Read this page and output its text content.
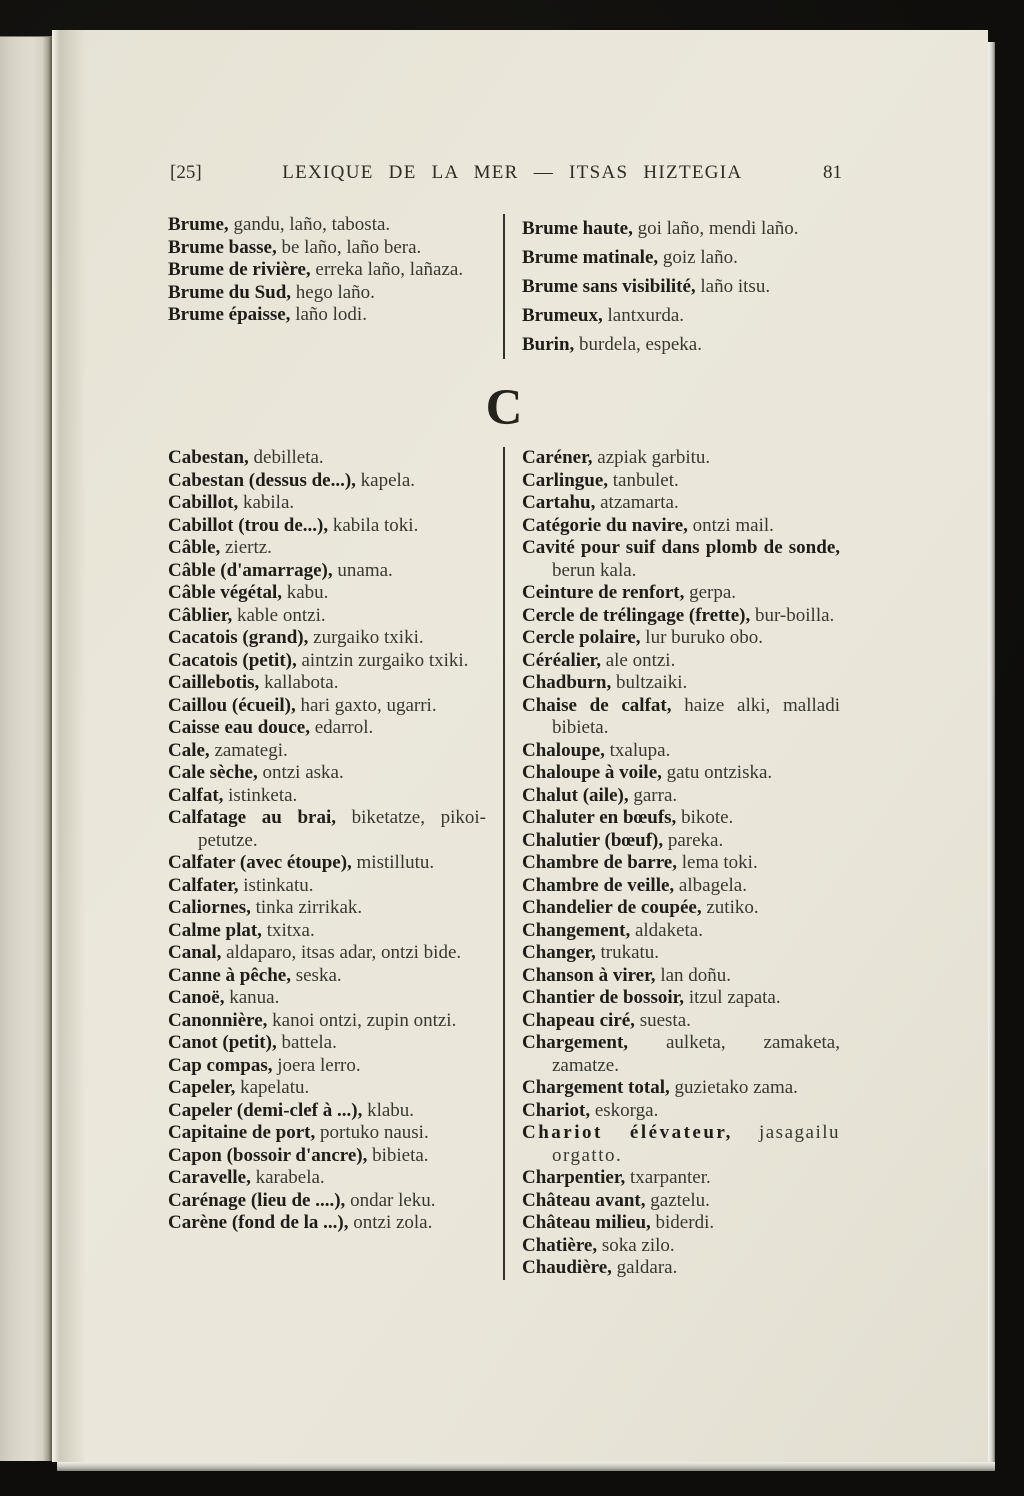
[25]	LEXIQUE DE LA MER — ITSAS HIZTEGIA	81

Brume, gandu, laño, tabosta.

Brume basse, be laño, laño bera.

Brume de rivière, erreka laño, lañaza.

Brume du Sud, hego laño.

Brume épaisse, laño lodi.

Brume haute, goi laño, mendi laño.

Brume matinale, goiz laño.

Brume sans visibilité, laño itsu.

Brumeux, lantxurda.

Burin, burdela, espeka.

C

Cabestan, debilleta.

Cabestan (dessus de...), kapela.

Cabillot, kabila.

Cabillot (trou de...), kabila toki.

Câble, ziertz.

Câble (d'amarrage), unama.

Câble végétal, kabu.

Câblier, kable ontzi.

Cacatois (grand), zurgaiko txiki.

Cacatois (petit), aintzin zurgaiko txiki.

Caillebotis, kallabota.

Caillou (écueil), hari gaxto, ugarri.

Caisse eau douce, edarrol.

Cale, zamategi.

Cale sèche, ontzi aska.

Calfat, istinketa.

Calfatage au brai, biketatze, pikoi-petutze.

Calfater (avec étoupe), mistillutu.

Calfater, istinkatu.

Caliornes, tinka zirrikak.

Calme plat, txitxa.

Canal, aldaparo, itsas adar, ontzi bide.

Canne à pêche, seska.

Canoë, kanua.

Canonnière, kanoi ontzi, zupin ontzi.

Canot (petit), battela.

Cap compas, joera lerro.

Capeler, kapelatu.

Capeler (demi-clef à ...), klabu.

Capitaine de port, portuko nausi.

Capon (bossoir d'ancre), bibieta.

Caravelle, karabela.

Carénage (lieu de ....), ondar leku.

Carène (fond de la ...), ontzi zola.

Caréner, azpiak garbitu.

Carlingue, tanbulet.

Cartahu, atzamarta.

Catégorie du navire, ontzi mail.

Cavité pour suif dans plomb de sonde, berun kala.

Ceinture de renfort, gerpa.

Cercle de trélingage (frette), bur-boilla.

Cercle polaire, lur buruko obo.

Céréalier, ale ontzi.

Chadburn, bultzaiki.

Chaise de calfat, haize alki, malladi bibieta.

Chaloupe, txalupa.

Chaloupe à voile, gatu ontziska.

Chalut (aile), garra.

Chaluter en bœufs, bikote.

Chalutier (bœuf), pareka.

Chambre de barre, lema toki.

Chambre de veille, albagela.

Chandelier de coupée, zutiko.

Changement, aldaketa.

Changer, trukatu.

Chanson à virer, lan doñu.

Chantier de bossoir, itzul zapata.

Chapeau ciré, suesta.

Chargement, aulketa, zamaketa, zamatze.

Chargement total, guzietako zama.

Chariot, eskorga.

Chariot élévateur, jasagailu orgatto.

Charpentier, txarpanter.

Château avant, gaztelu.

Château milieu, biderdi.

Chatière, soka zilo.

Chaudière, galdara.
